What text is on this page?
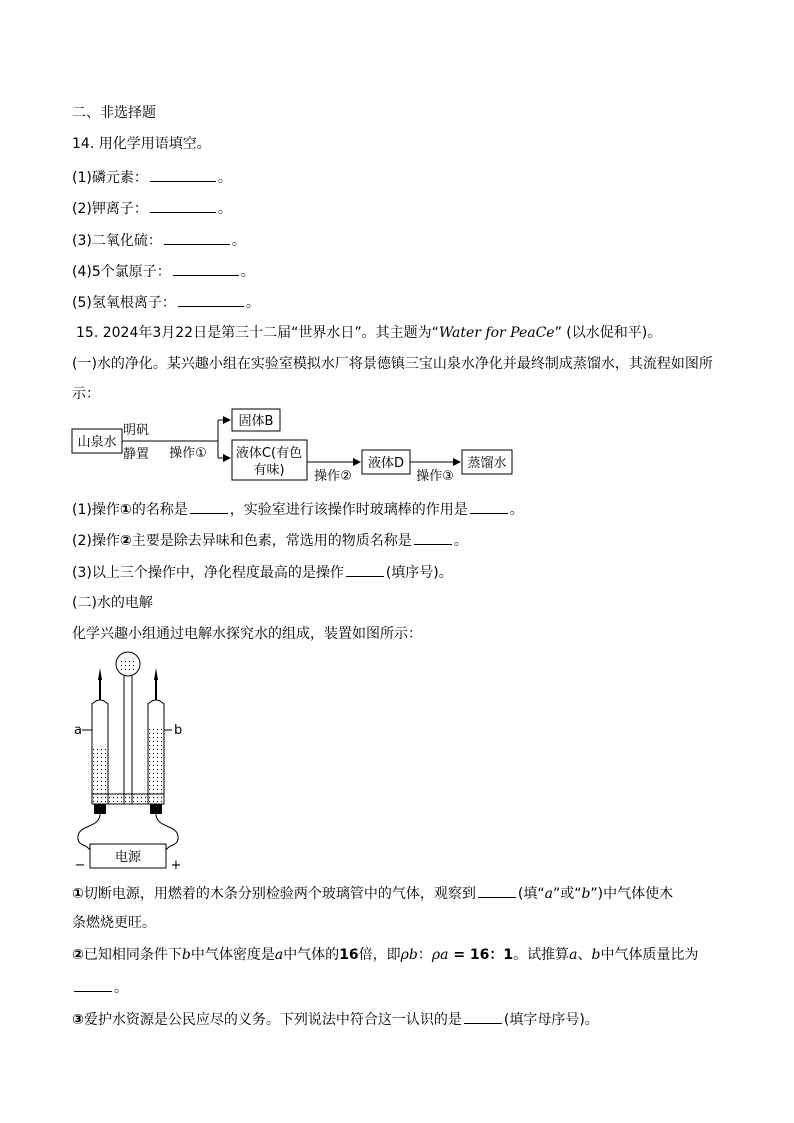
二、非选择题
14. 用化学用语填空。
(1)磷元素：	。
(2)钾离子：	。
(3)二氧化硫：	。
(4)5个氯原子：	。
(5)氢氧根离子：	。
15. 2024年3月22日是第三十二届“世界水日”。其主题为“Water for PeaCe” (以水促和平)。
(一)水的净化。某兴趣小组在实验室模拟水厂将景德镇三宝山泉水净化并最终制成蒸馏水，其流程如图所
示：
山泉水
明矾
静置 操作①
固体B
液体C(有色
有味) 操作②
液体D
操作③
蒸馏水
(1)操作①的名称是	，实验室进行该操作时玻璃棒的作用是	。
(2)操作②主要是除去异味和色素，常选用的物质名称是	。
(3)以上三个操作中，净化程度最高的是操作	(填序号)。
(二)水的电解
化学兴趣小组通过电解水探究水的组成，装置如图所示：
电源
−	+
a	b
①切断电源，用燃着的木条分别检验两个玻璃管中的气体，观察到	(填“a”或“b”)中气体使木
条燃烧更旺。
②已知相同条件下b中气体密度是a中气体的16倍，即ρb：ρa = 16：1。试推算a、b中气体质量比为
。
③爱护水资源是公民应尽的义务。下列说法中符合这一认识的是	(填字母序号)。
